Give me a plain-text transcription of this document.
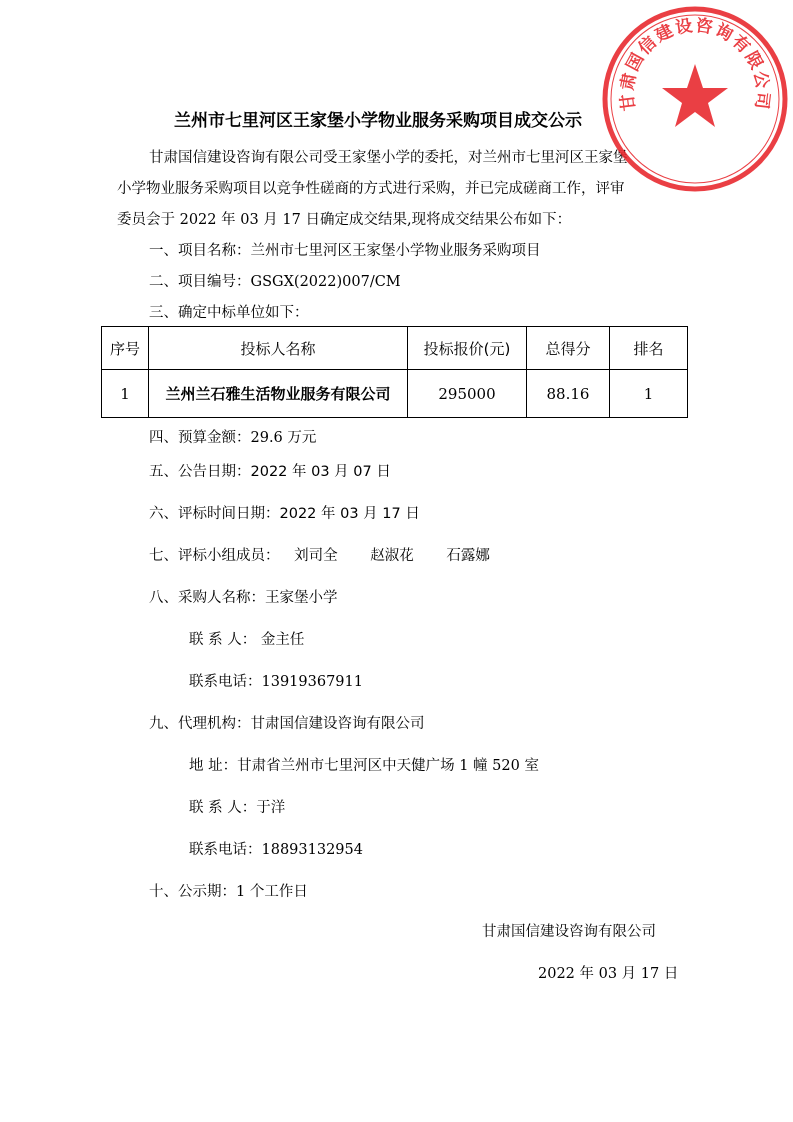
兰州市七里河区王家堡小学物业服务采购项目成交公示
甘肃国信建设咨询有限公司受王家堡小学的委托，对兰州市七里河区王家堡
小学物业服务采购项目以竞争性磋商的方式进行采购，并已完成磋商工作，评审
委员会于 2022 年 03 月 17 日确定成交结果,现将成交结果公布如下：
一、项目名称：兰州市七里河区王家堡小学物业服务采购项目
二、项目编号：GSGX(2022)007/CM
三、确定中标单位如下：
序号	投标人名称	投标报价(元)	总得分	排名
1	兰州兰石雅生活物业服务有限公司	295000	88.16	1
四、预算金额：29.6 万元
五、公告日期：2022 年 03 月 07 日
六、评标时间日期：2022 年 03 月 17 日
七、评标小组成员： 刘司全 赵淑花 石露娜
八、采购人名称：王家堡小学
联 系 人： 金主任
联系电话：13919367911
九、代理机构：甘肃国信建设咨询有限公司
地 址：甘肃省兰州市七里河区中天健广场 1 幢 520 室
联 系 人：于洋
联系电话：18893132954
十、公示期：1 个工作日
甘肃国信建设咨询有限公司
2022 年 03 月 17 日
甘肃国信建设咨询有限公司
